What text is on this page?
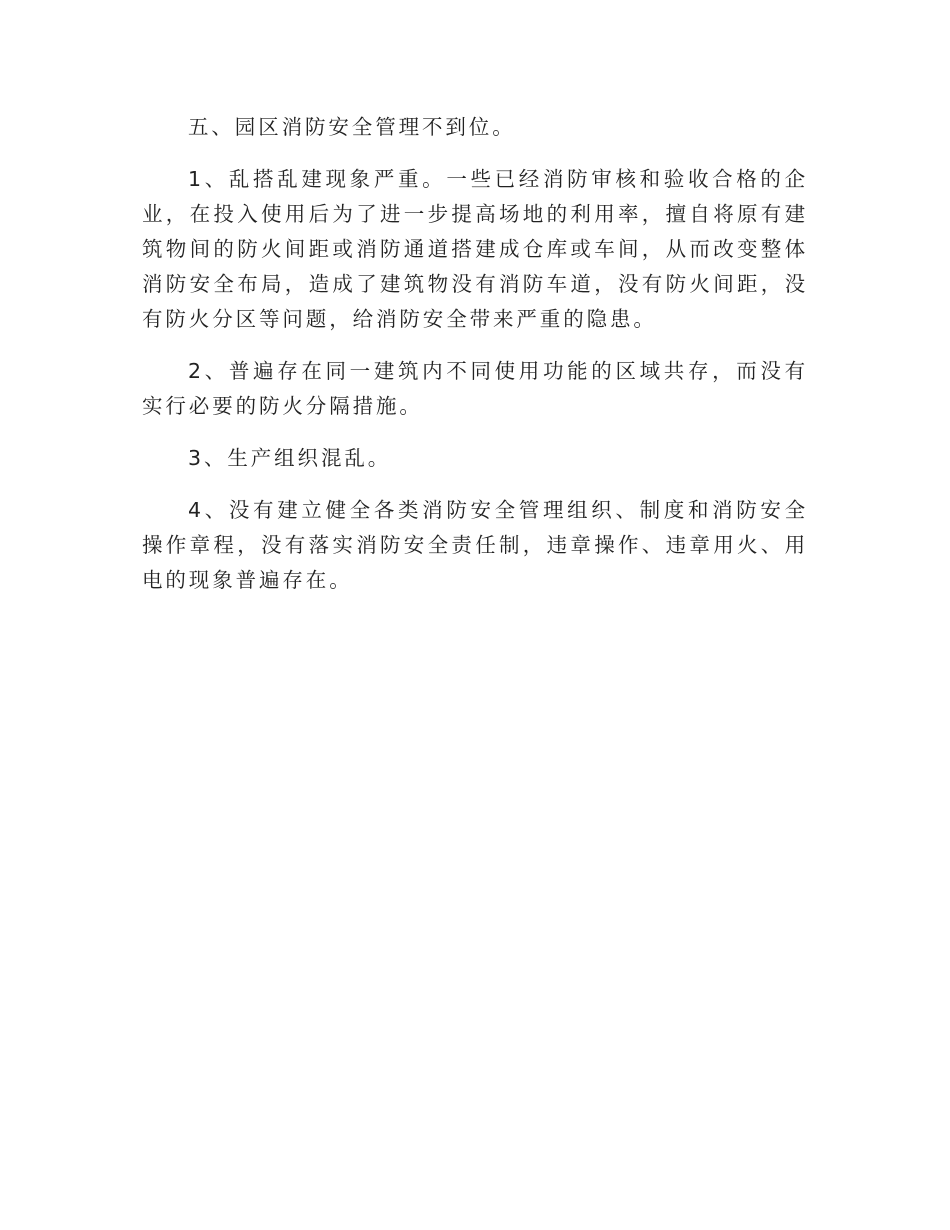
五、园区消防安全管理不到位。

1、乱搭乱建现象严重。一些已经消防审核和验收合格的企业，在投入使用后为了进一步提高场地的利用率，擅自将原有建筑物间的防火间距或消防通道搭建成仓库或车间，从而改变整体消防安全布局，造成了建筑物没有消防车道，没有防火间距，没有防火分区等问题，给消防安全带来严重的隐患。

2、普遍存在同一建筑内不同使用功能的区域共存，而没有实行必要的防火分隔措施。

3、生产组织混乱。

4、没有建立健全各类消防安全管理组织、制度和消防安全操作章程，没有落实消防安全责任制，违章操作、违章用火、用电的现象普遍存在。
